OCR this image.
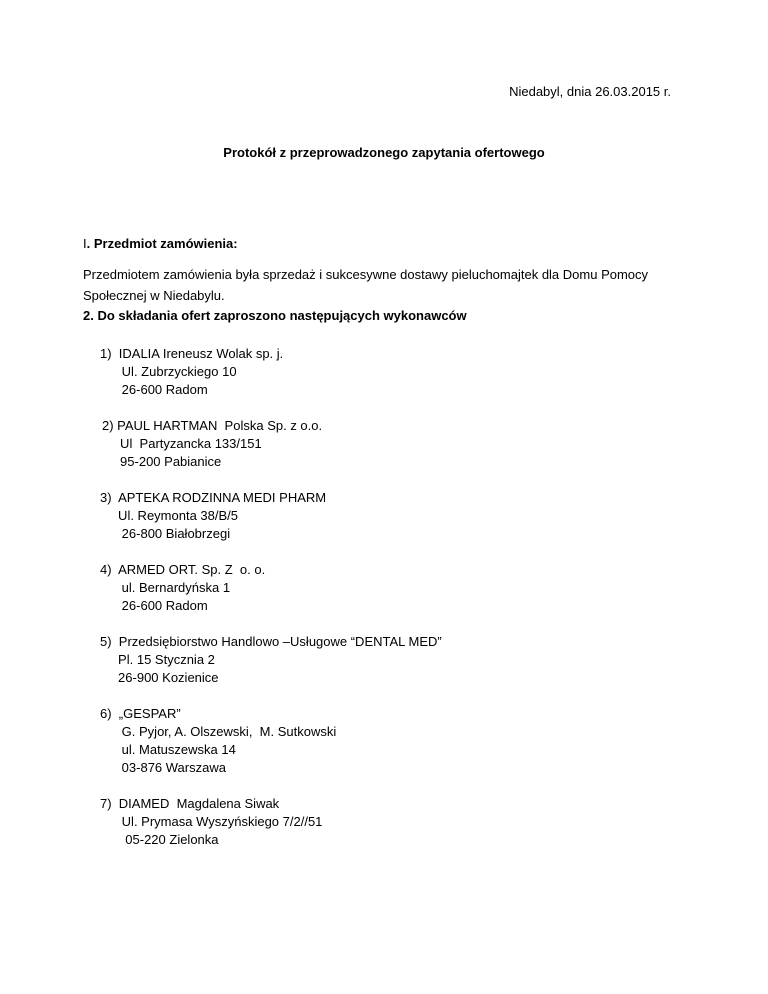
Niedabyl, dnia 26.03.2015 r.
Protokół z przeprowadzonego zapytania ofertowego
I. Przedmiot zamówienia:
Przedmiotem zamówienia była sprzedaż i sukcesywne dostawy pieluchomajtek dla Domu Pomocy Społecznej w Niedabylu.
2. Do składania ofert zaproszono następujących wykonawców
1)  IDALIA Ireneusz Wolak sp. j.
Ul. Zubrzyckiego 10
26-600 Radom
2) PAUL HARTMAN  Polska Sp. z o.o.
Ul  Partyzancka 133/151
95-200 Pabianice
3)  APTEKA RODZINNA MEDI PHARM
Ul. Reymonta 38/B/5
26-800 Białobrzegi
4)  ARMED ORT. Sp. Z  o. o.
ul. Bernardyńska 1
26-600 Radom
5)  Przedsiębiorstwo Handlowo –Usługowe “DENTAL MED”
Pl. 15 Stycznia 2
26-900 Kozienice
6)  „GESPAR”
G. Pyjor, A. Olszewski,  M. Sutkowski
ul. Matuszewska 14
03-876 Warszawa
7)  DIAMED  Magdalena Siwak
Ul. Prymasa Wyszyńskiego 7/2//51
05-220 Zielonka
